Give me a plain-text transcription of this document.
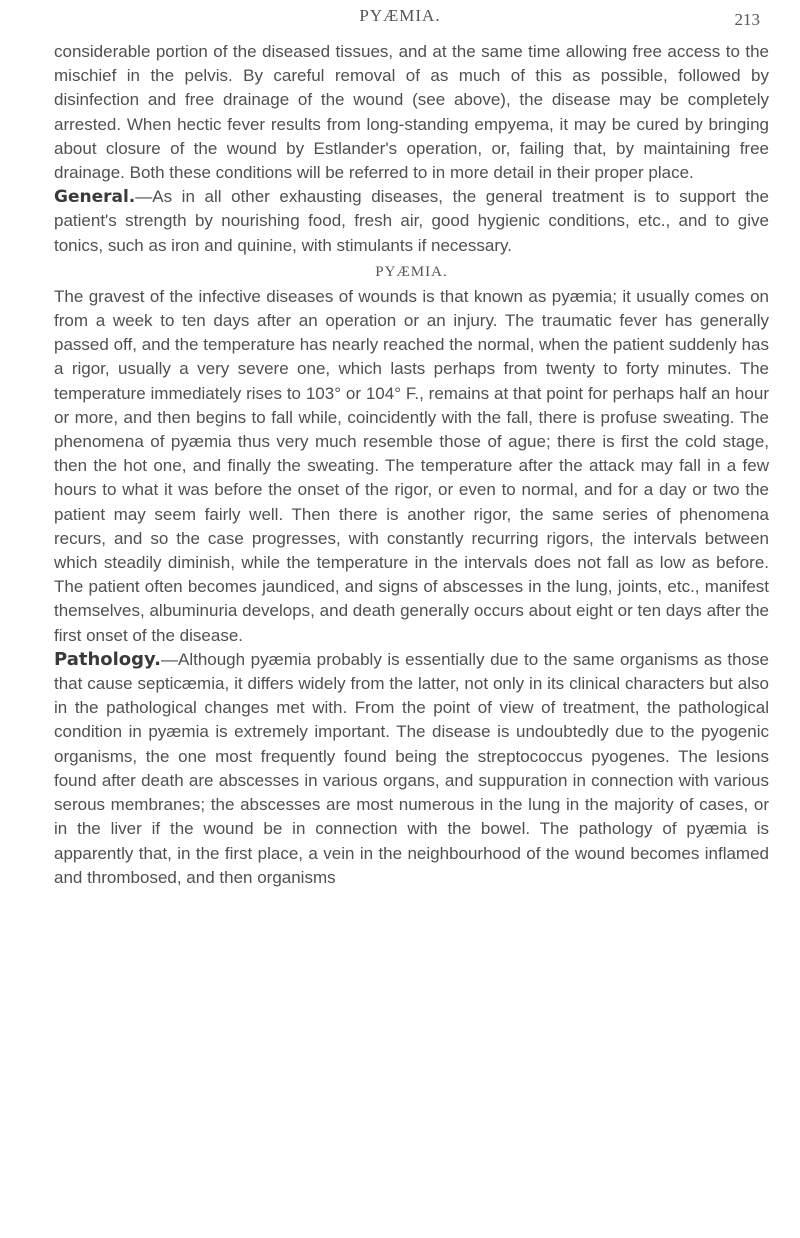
PYÆMIA.	213

considerable portion of the diseased tissues, and at the same time allowing free access to the mischief in the pelvis. By careful removal of as much of this as possible, followed by disinfection and free drainage of the wound (see above), the disease may be completely arrested. When hectic fever results from long-standing empyema, it may be cured by bringing about closure of the wound by Estlander's operation, or, failing that, by maintaining free drainage. Both these conditions will be referred to in more detail in their proper place.

General.—As in all other exhausting diseases, the general treatment is to support the patient's strength by nourishing food, fresh air, good hygienic conditions, etc., and to give tonics, such as iron and quinine, with stimulants if necessary.

PYÆMIA.

The gravest of the infective diseases of wounds is that known as pyæmia; it usually comes on from a week to ten days after an operation or an injury. The traumatic fever has generally passed off, and the temperature has nearly reached the normal, when the patient suddenly has a rigor, usually a very severe one, which lasts perhaps from twenty to forty minutes. The temperature immediately rises to 103° or 104° F., remains at that point for perhaps half an hour or more, and then begins to fall while, coincidently with the fall, there is profuse sweating. The phenomena of pyæmia thus very much resemble those of ague; there is first the cold stage, then the hot one, and finally the sweating. The temperature after the attack may fall in a few hours to what it was before the onset of the rigor, or even to normal, and for a day or two the patient may seem fairly well. Then there is another rigor, the same series of phenomena recurs, and so the case progresses, with constantly recurring rigors, the intervals between which steadily diminish, while the temperature in the intervals does not fall as low as before. The patient often becomes jaundiced, and signs of abscesses in the lung, joints, etc., manifest themselves, albuminuria develops, and death generally occurs about eight or ten days after the first onset of the disease.

Pathology.—Although pyæmia probably is essentially due to the same organisms as those that cause septicæmia, it differs widely from the latter, not only in its clinical characters but also in the pathological changes met with. From the point of view of treatment, the pathological condition in pyæmia is extremely important. The disease is undoubtedly due to the pyogenic organisms, the one most frequently found being the streptococcus pyogenes. The lesions found after death are abscesses in various organs, and suppuration in connection with various serous membranes; the abscesses are most numerous in the lung in the majority of cases, or in the liver if the wound be in connection with the bowel. The pathology of pyæmia is apparently that, in the first place, a vein in the neighbourhood of the wound becomes inflamed and thrombosed, and then organisms
